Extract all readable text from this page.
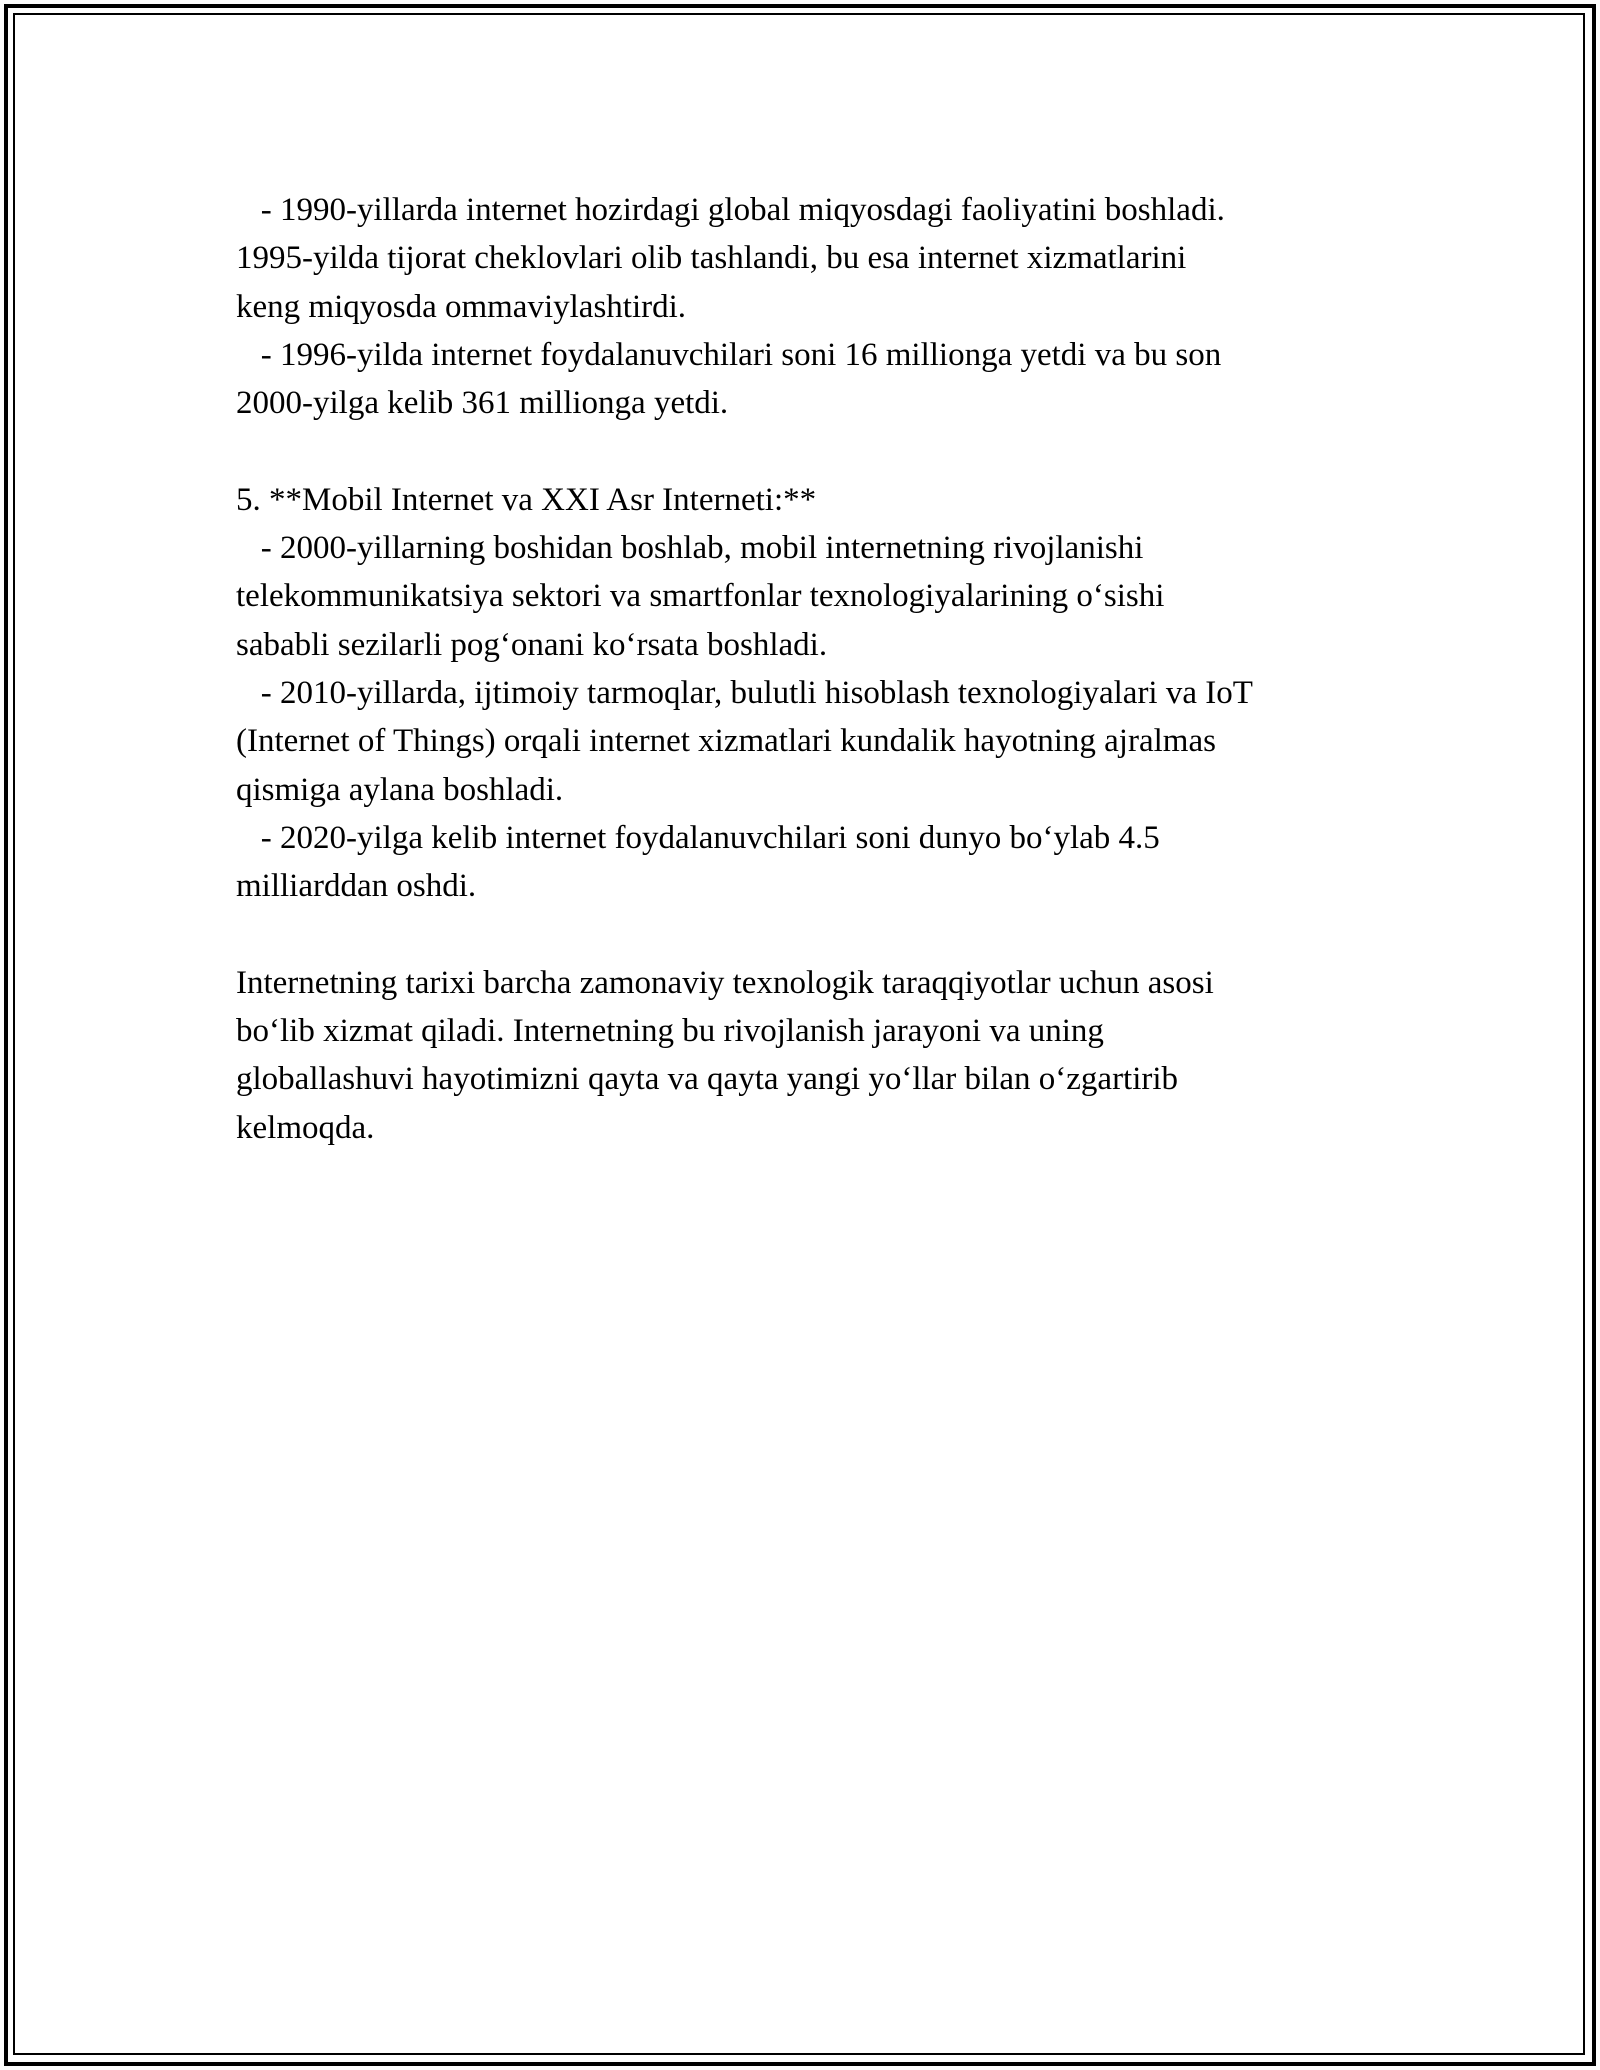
- 1990-yillarda internet hozirdagi global miqyosdagi faoliyatini boshladi.
1995-yilda tijorat cheklovlari olib tashlandi, bu esa internet xizmatlarini
keng miqyosda ommaviylashtirdi.
- 1996-yilda internet foydalanuvchilari soni 16 millionga yetdi va bu son
2000-yilga kelib 361 millionga yetdi.
5. **Mobil Internet va XXI Asr Interneti:**
- 2000-yillarning boshidan boshlab, mobil internetning rivojlanishi
telekommunikatsiya sektori va smartfonlar texnologiyalarining o‘sishi
sababli sezilarli pog‘onani ko‘rsata boshladi.
- 2010-yillarda, ijtimoiy tarmoqlar, bulutli hisoblash texnologiyalari va IoT
(Internet of Things) orqali internet xizmatlari kundalik hayotning ajralmas
qismiga aylana boshladi.
- 2020-yilga kelib internet foydalanuvchilari soni dunyo bo‘ylab 4.5
milliarddan oshdi.
Internetning tarixi barcha zamonaviy texnologik taraqqiyotlar uchun asosi
bo‘lib xizmat qiladi. Internetning bu rivojlanish jarayoni va uning
globallashuvi hayotimizni qayta va qayta yangi yo‘llar bilan o‘zgartirib
kelmoqda.
